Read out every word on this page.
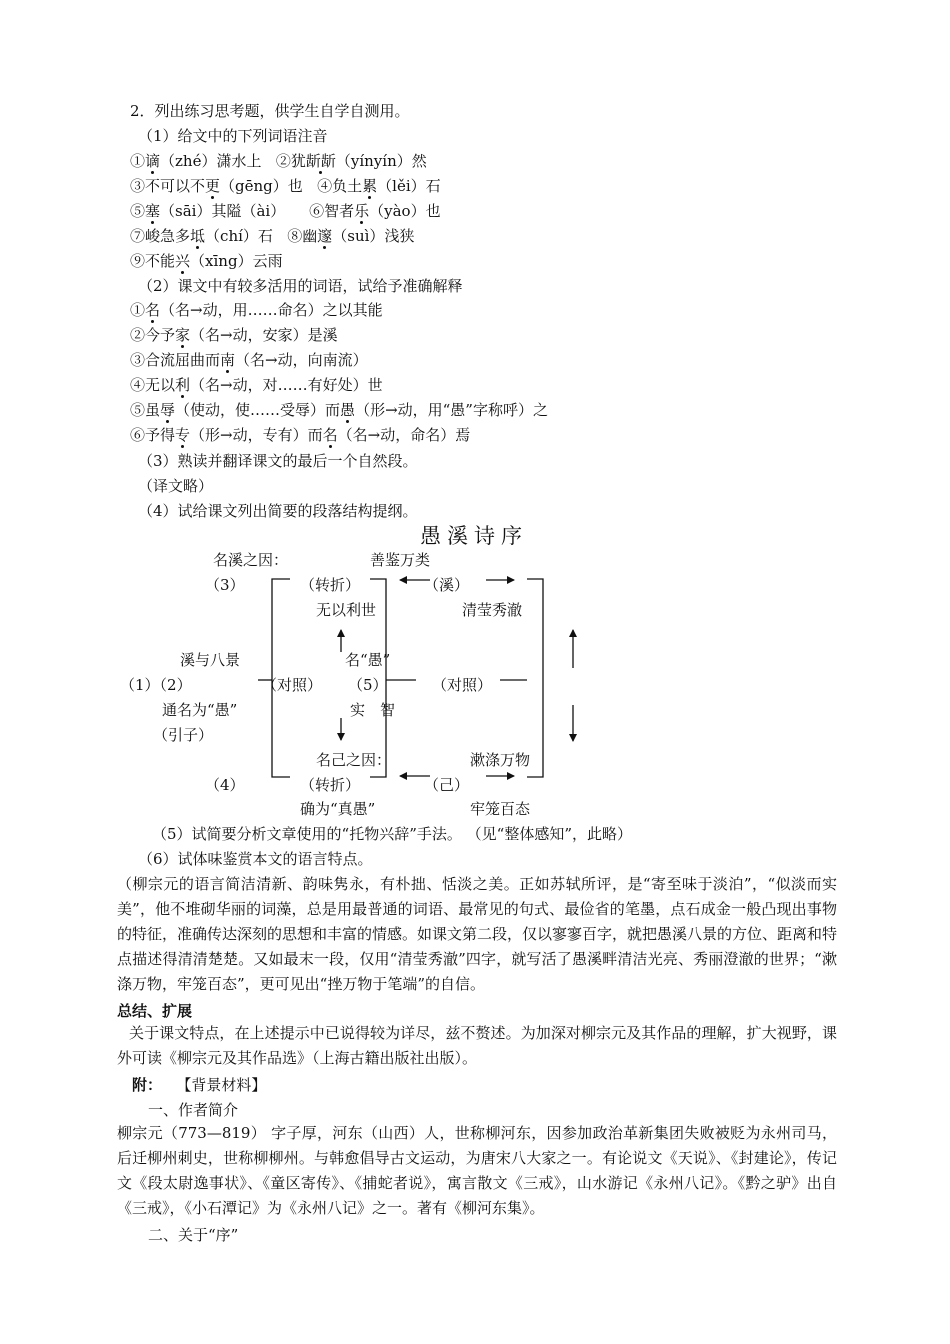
2．列出练习思考题，供学生自学自测用。
（1）给文中的下列词语注音
①谪（zhé）潇水上 ②犹龂龂（yínyín）然
③不可以不更（gēng）也 ④负土累（lěi）石
⑤塞（sāi）其隘（ài） ⑥智者乐（yào）也
⑦峻急多坻（chí）石 ⑧幽邃（suì）浅狭
⑨不能兴（xīng）云雨
（2）课文中有较多活用的词语，试给予准确解释
①名（名→动，用……命名）之以其能
②今予家（名→动，安家）是溪
③合流屈曲而南（名→动，向南流）
④无以利（名→动，对……有好处）世
⑤虽辱（使动，使……受辱）而愚（形→动，用“愚”字称呼）之
⑥予得专（形→动，专有）而名（名→动，命名）焉
（3）熟读并翻译课文的最后一个自然段。
（译文略）
（4）试给课文列出简要的段落结构提纲。
愚溪诗序
名溪之因：	善鉴万类
（3）	（转折）	（溪）
无以利世	清莹秀澈
溪与八景	名“愚”
（1）（2）	（对照） （5）	（对照）
通名为“愚”	实　智
（引子）
名己之因：	漱涤万物
（4）	（转折）	（己）
确为“真愚”	牢笼百态
（5）试简要分析文章使用的“托物兴辞”手法。 （见“整体感知”，此略）
（6）试体味鉴赏本文的语言特点。
（柳宗元的语言简洁清新、韵味隽永，有朴拙、恬淡之美。正如苏轼所评，是“寄至味于淡泊”，“似淡而实美”，他不堆砌华丽的词藻，总是用最普通的词语、最常见的句式、最俭省的笔墨，点石成金一般凸现出事物的特征，准确传达深刻的思想和丰富的情感。如课文第二段，仅以寥寥百字，就把愚溪八景的方位、距离和特点描述得清清楚楚。又如最末一段，仅用“清莹秀澈”四字，就写活了愚溪畔清洁光亮、秀丽澄澈的世界；“漱涤万物，牢笼百态”，更可见出“挫万物于笔端”的自信。
总结、扩展
关于课文特点，在上述提示中已说得较为详尽，兹不赘述。为加深对柳宗元及其作品的理解，扩大视野，课外可读《柳宗元及其作品选》（上海古籍出版社出版）。
附： 【背景材料】
一、作者简介
柳宗元（773—819） 字子厚，河东（山西）人，世称柳河东，因参加政治革新集团失败被贬为永州司马，后迁柳州刺史，世称柳柳州。与韩愈倡导古文运动，为唐宋八大家之一。有论说文《天说》、《封建论》，传记文《段太尉逸事状》、《童区寄传》、《捕蛇者说》，寓言散文《三戒》，山水游记《永州八记》。《黔之驴》出自《三戒》，《小石潭记》为《永州八记》之一。著有《柳河东集》。
二、关于“序”
